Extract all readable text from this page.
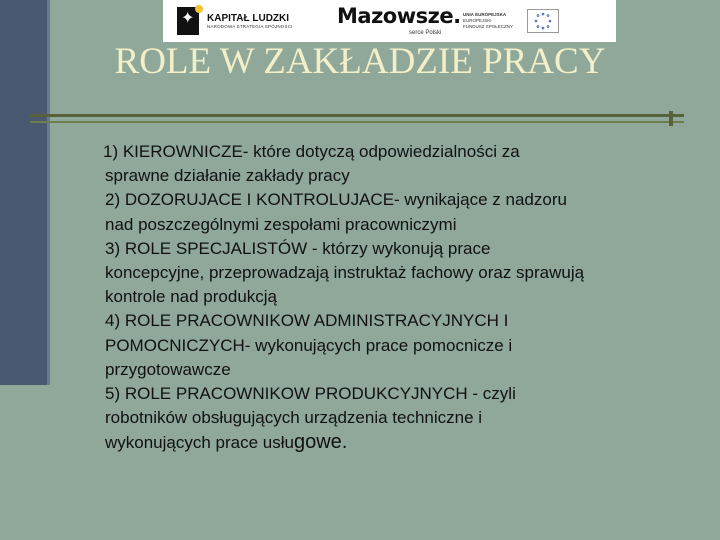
✦ KAPITAŁ LUDZKI
NARODOWA STRATEGIA SPÓJNOŚCI Mazowsze.
serce Polski
UNIA EUROPEJSKA
EUROPEJSKI
FUNDUSZ SPOŁECZNY
ROLE W ZAKŁADZIE PRACY
1) KIEROWNICZE- które dotyczą odpowiedzialności za
sprawne działanie zakłady pracy
2) DOZORUJACE I KONTROLUJACE- wynikające z nadzoru
nad poszczególnymi zespołami pracowniczymi
3) ROLE SPECJALISTÓW - którzy wykonują prace
koncepcyjne, przeprowadzają instruktaż fachowy oraz sprawują
kontrole nad produkcją
4) ROLE PRACOWNIKOW ADMINISTRACYJNYCH I
POMOCNICZYCH- wykonujących prace pomocnicze i
przygotowawcze
5) ROLE PRACOWNIKOW PRODUKCYJNYCH - czyli
robotników obsługujących urządzenia techniczne i
wykonujących prace usługowe.
